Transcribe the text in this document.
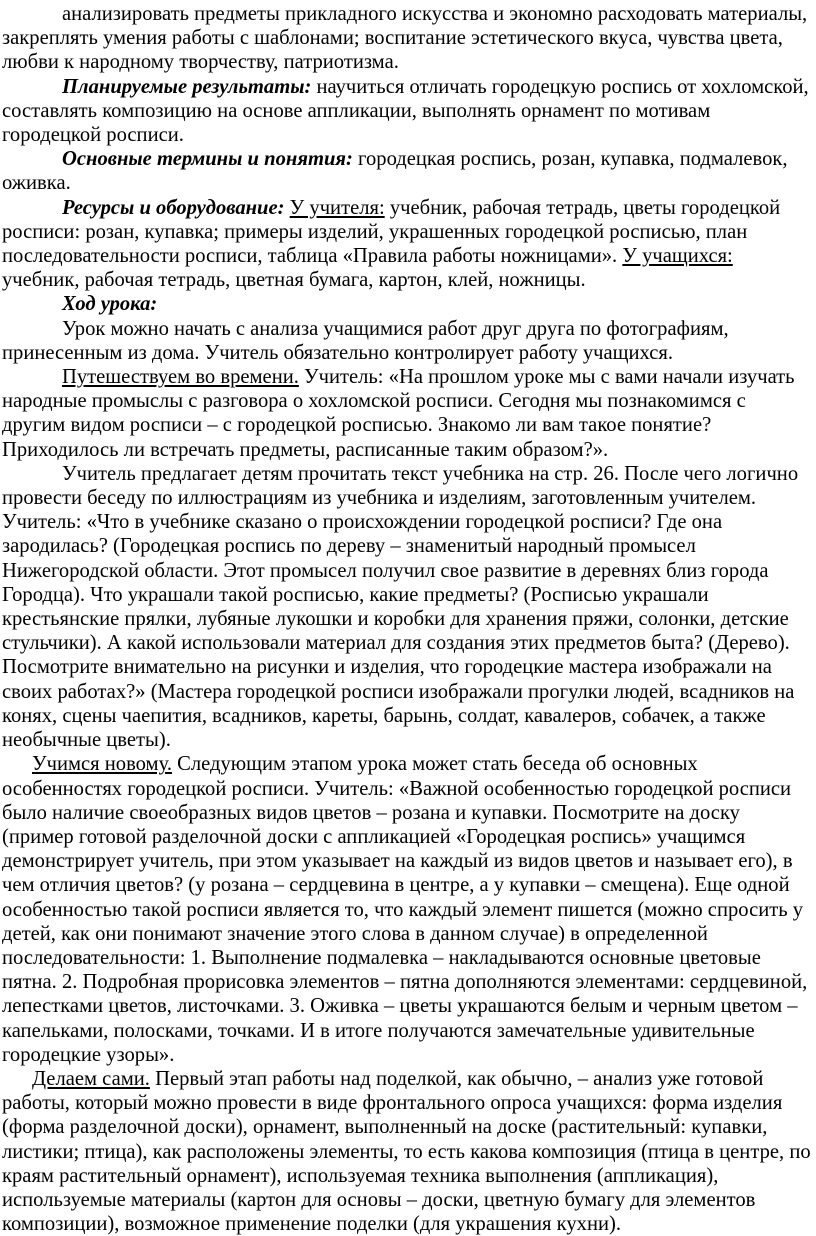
анализировать предметы прикладного искусства и экономно расходовать материалы, закреплять умения работы с шаблонами; воспитание эстетического вкуса, чувства цвета, любви к народному творчеству, патриотизма.

Планируемые результаты: научиться отличать городецкую роспись от хохломской, составлять композицию на основе аппликации, выполнять орнамент по мотивам городецкой росписи.

Основные термины и понятия: городецкая роспись, розан, купавка, подмалевок, оживка.

Ресурсы и оборудование: У учителя: учебник, рабочая тетрадь, цветы городецкой росписи: розан, купавка; примеры изделий, украшенных городецкой росписью, план последовательности росписи, таблица «Правила работы ножницами». У учащихся: учебник, рабочая тетрадь, цветная бумага, картон, клей, ножницы.

Ход урока:

Урок можно начать с анализа учащимися работ друг друга по фотографиям, принесенным из дома. Учитель обязательно контролирует работу учащихся.

Путешествуем во времени. Учитель: «На прошлом уроке мы с вами начали изучать народные промыслы с разговора о хохломской росписи. Сегодня мы познакомимся с другим видом росписи – с городецкой росписью. Знакомо ли вам такое понятие? Приходилось ли встречать предметы, расписанные таким образом?».

Учитель предлагает детям прочитать текст учебника на стр. 26. После чего логично провести беседу по иллюстрациям из учебника и изделиям, заготовленным учителем. Учитель: «Что в учебнике сказано о происхождении городецкой росписи? Где она зародилась? (Городецкая роспись по дереву – знаменитый народный промысел Нижегородской области. Этот промысел получил свое развитие в деревнях близ города Городца). Что украшали такой росписью, какие предметы? (Росписью украшали крестьянские прялки, лубяные лукошки и коробки для хранения пряжи, солонки, детские стульчики). А какой использовали материал для создания этих предметов быта? (Дерево). Посмотрите внимательно на рисунки и изделия, что городецкие мастера изображали на своих работах?» (Мастера городецкой росписи изображали прогулки людей, всадников на конях, сцены чаепития, всадников, кареты, барынь, солдат, кавалеров, собачек, а также необычные цветы).

Учимся новому. Следующим этапом урока может стать беседа об основных особенностях городецкой росписи. Учитель: «Важной особенностью городецкой росписи было наличие своеобразных видов цветов – розана и купавки. Посмотрите на доску (пример готовой разделочной доски с аппликацией «Городецкая роспись» учащимся демонстрирует учитель, при этом указывает на каждый из видов цветов и называет его), в чем отличия цветов? (у розана – сердцевина в центре, а у купавки – смещена). Еще одной особенностью такой росписи является то, что каждый элемент пишется (можно спросить у детей, как они понимают значение этого слова в данном случае) в определенной последовательности: 1. Выполнение подмалевка – накладываются основные цветовые пятна. 2. Подробная прорисовка элементов – пятна дополняются элементами: сердцевиной, лепестками цветов, листочками. 3. Оживка – цветы украшаются белым и черным цветом – капельками, полосками, точками. И в итоге получаются замечательные удивительные городецкие узоры».

Делаем сами. Первый этап работы над поделкой, как обычно, – анализ уже готовой работы, который можно провести в виде фронтального опроса учащихся: форма изделия (форма разделочной доски), орнамент, выполненный на доске (растительный: купавки, листики; птица), как расположены элементы, то есть какова композиция (птица в центре, по краям растительный орнамент), используемая техника выполнения (аппликация), используемые материалы (картон для основы – доски, цветную бумагу для элементов композиции), возможное применение поделки (для украшения кухни).
